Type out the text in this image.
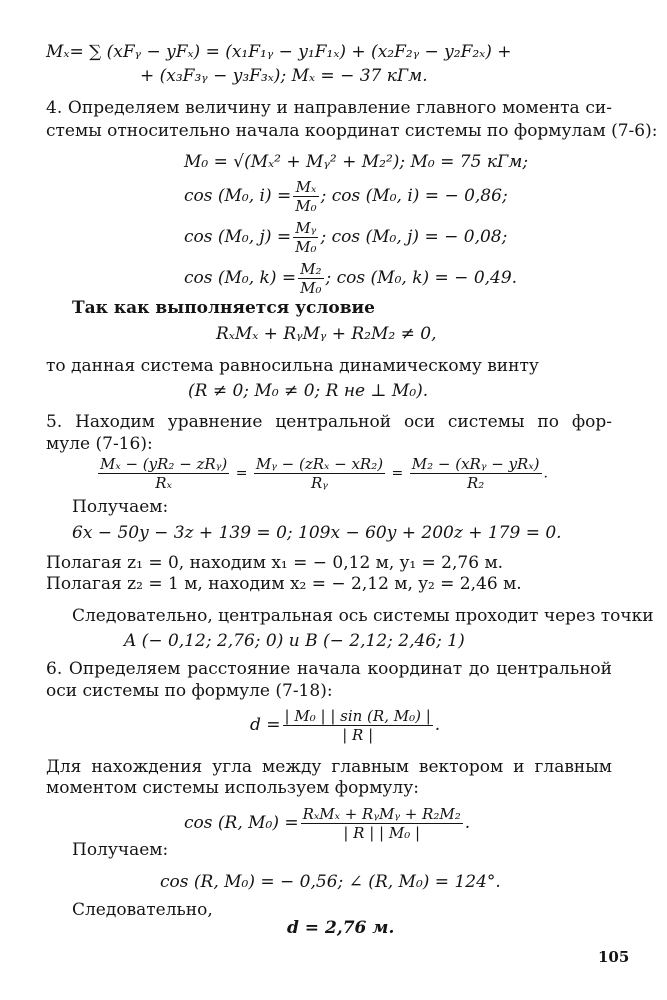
Mₓ= ∑ (xFᵧ − yFₓ) = (x₁F₁ᵧ − y₁F₁ₓ) + (x₂F₂ᵧ − y₂F₂ₓ) +
+ (x₃F₃ᵧ − y₃F₃ₓ); Mₓ = − 37 кГм.
4. Определяем величину и направление главного момента си-
стемы относительно начала координат системы по формулам (7-6):
M₀ = √(Mₓ² + Mᵧ² + M₂²); M₀ = 75 кГм;
cos (M₀, $i) = \frac{\text{Mₓ}}{\text{M₀}}$ ; cos (M₀, i) = − 0,86;
cos (M₀, $j) = \frac{\text{Mᵧ}}{\text{M₀}}$ ; cos (M₀, j) = − 0,08;
cos (M₀, $k) = \frac{\text{M₂}}{\text{M₀}}$ ; cos (M₀, k) = − 0,49.
Так как выполняется условие
RₓMₓ + RᵧMᵧ + R₂M₂ ≠ 0,
то данная система равносильна динамическому винту
(R ≠ 0; M₀ ≠ 0; R не ⊥ M₀).
5. Находим уравнение центральной оси системы по фор-
муле (7-16):
$\frac{\text{Mₓ − (yR₂ − zRᵧ)}}{\text{Rₓ}} = \frac{\text{Mᵧ − (zRₓ − xR₂)}}{\text{Rᵧ}} = \frac{\text{M₂ − (xRᵧ − yRₓ)}}{\text{R₂}}$ .
Получаем:
6x − 50y − 3z + 139 = 0; 109x − 60y + 200z + 179 = 0.
Полагая z₁ = 0, находим x₁ = − 0,12 м, y₁ = 2,76 м.
Полагая z₂ = 1 м, находим x₂ = − 2,12 м, y₂ = 2,46 м.
Следовательно, центральная ось системы проходит через точки
A (− 0,12; 2,76; 0) и B (− 2,12; 2,46; 1)
6. Определяем расстояние начала координат до центральной
оси системы по формуле (7-18):
$d = \frac{\text{| M₀ | | sin (R, M₀) |}}{| R |}$ .
Для нахождения угла между главным вектором и главным
моментом системы используем формулу:
cos (R, $M_0) = \frac{\text{RₓMₓ + RᵧMᵧ + R₂M₂}}{\text{| R | | M₀ |}}$ .
Получаем:
cos (R, M₀) = − 0,56; ∠ (R, M₀) = 124°.
Следовательно,
d = 2,76 м.
105
